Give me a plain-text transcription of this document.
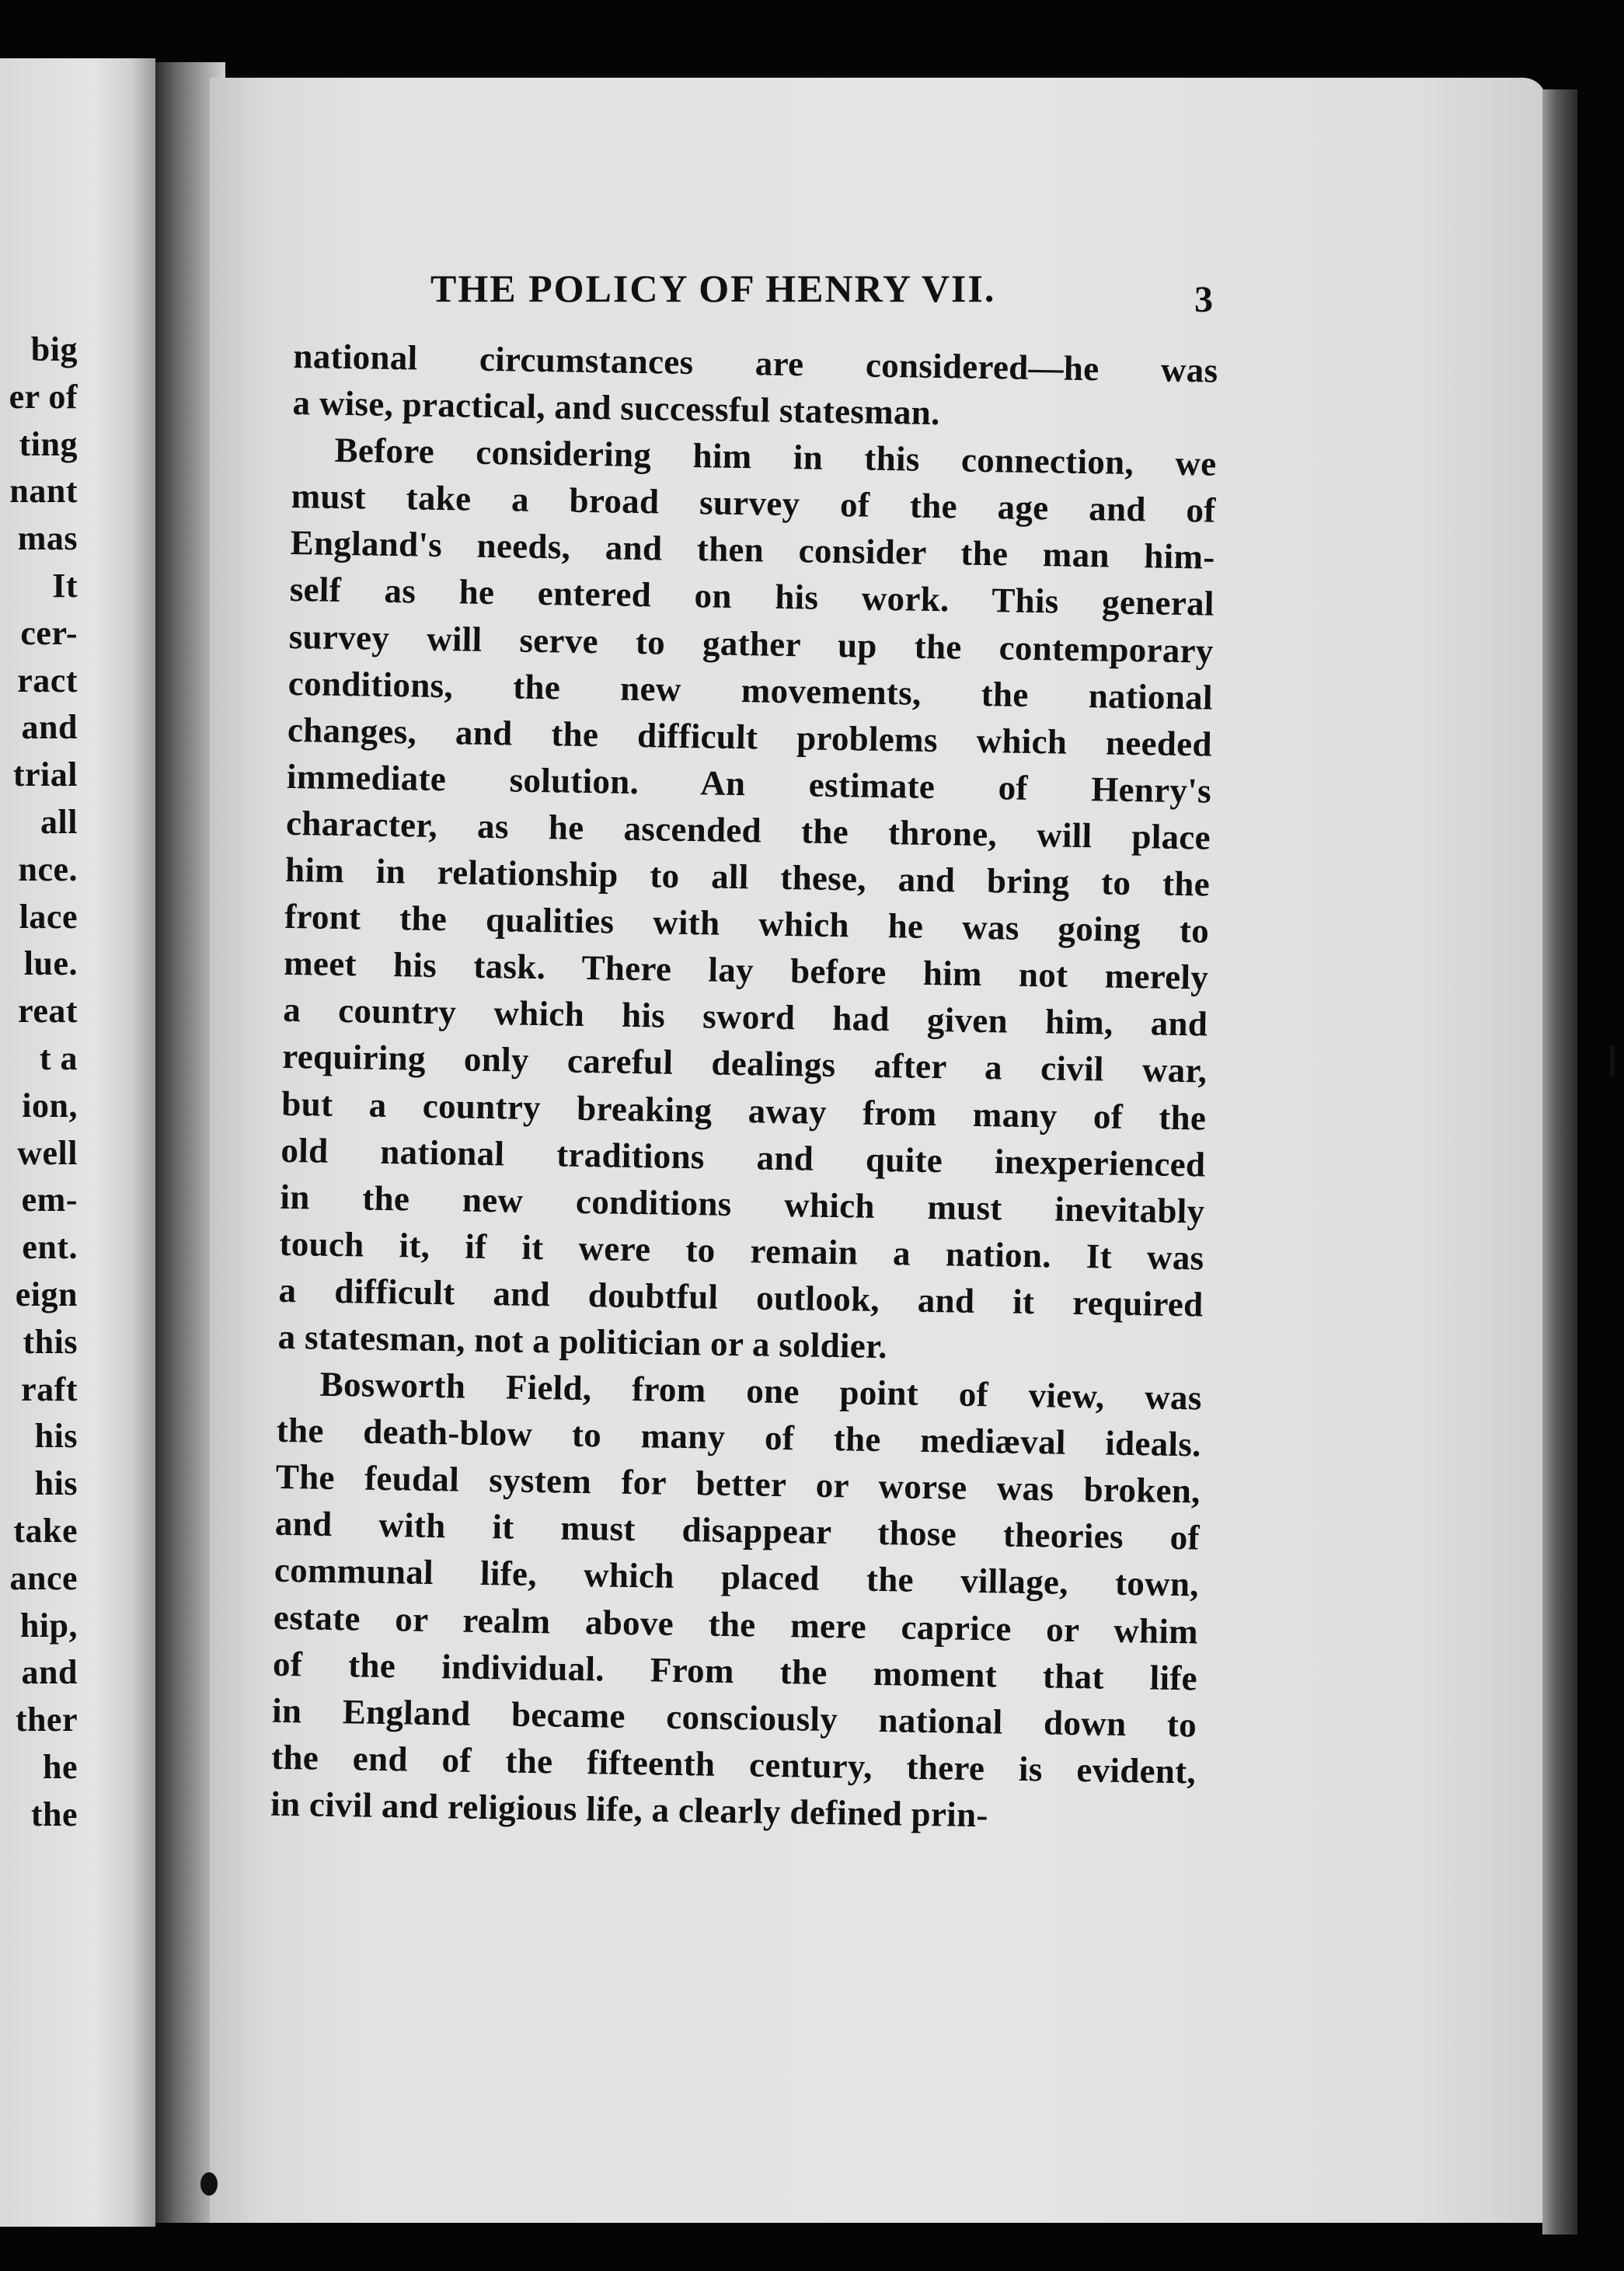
big
er of
ting
nant
mas
It
cer-
ract
and
trial
all
nce.
lace
lue.
reat
t a
ion,
well
em-
ent.
eign
this
raft
his
his
take
ance
hip,
and
ther
he
the
THE POLICY OF HENRY VII.	3
national circumstances are considered—he was
a wise, practical, and successful statesman.
Before considering him in this connection, we
must take a broad survey of the age and of
England's needs, and then consider the man him-
self as he entered on his work. This general
survey will serve to gather up the contemporary
conditions, the new movements, the national
changes, and the difficult problems which needed
immediate solution. An estimate of Henry's
character, as he ascended the throne, will place
him in relationship to all these, and bring to the
front the qualities with which he was going to
meet his task. There lay before him not merely
a country which his sword had given him, and
requiring only careful dealings after a civil war,
but a country breaking away from many of the
old national traditions and quite inexperienced
in the new conditions which must inevitably
touch it, if it were to remain a nation. It was
a difficult and doubtful outlook, and it required
a statesman, not a politician or a soldier.
Bosworth Field, from one point of view, was
the death-blow to many of the mediæval ideals.
The feudal system for better or worse was broken,
and with it must disappear those theories of
communal life, which placed the village, town,
estate or realm above the mere caprice or whim
of the individual. From the moment that life
in England became consciously national down to
the end of the fifteenth century, there is evident,
in civil and religious life, a clearly defined prin-
